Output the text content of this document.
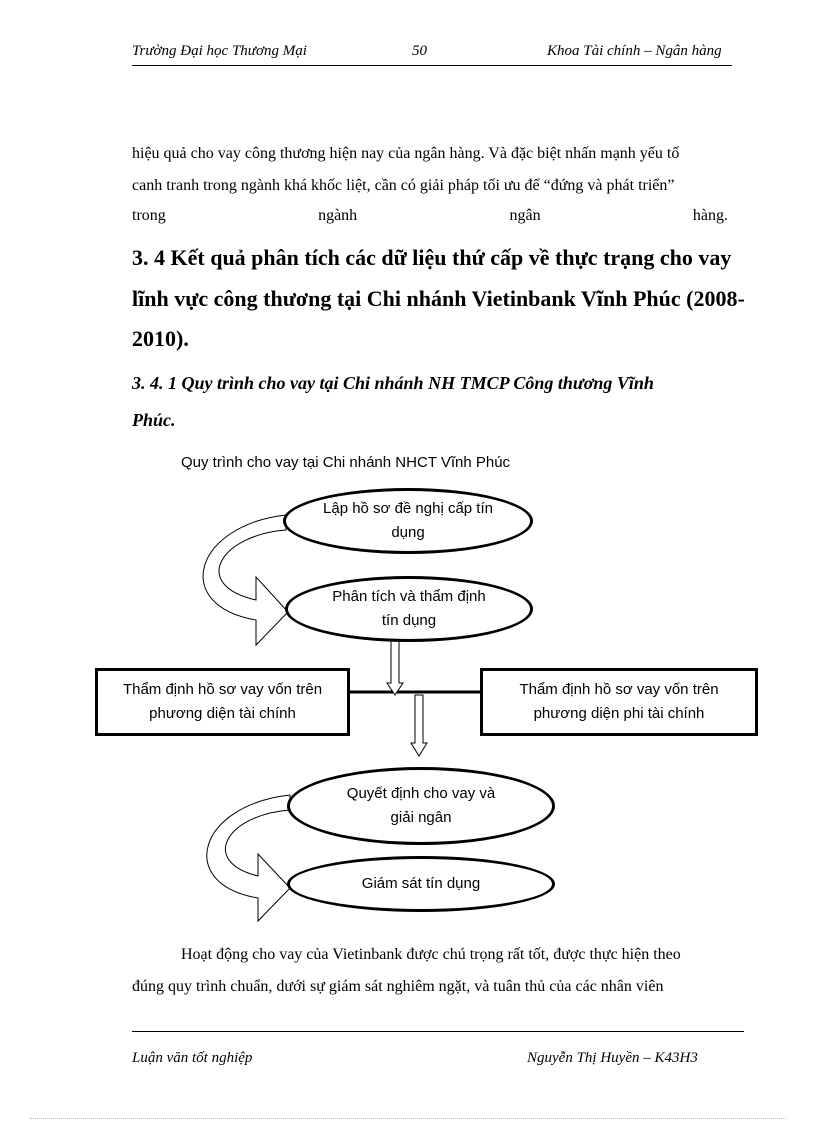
Trường Đại học Thương Mại	50	Khoa Tài chính – Ngân hàng
hiệu quả cho vay công thương hiện nay của ngân hàng. Và đặc biệt nhấn mạnh yếu tố
canh tranh trong ngành khá khốc liệt, cần có giải pháp tối ưu để “đứng và phát triển”
trong	ngành	ngân	hàng.
3. 4 Kết quả phân tích các dữ liệu thứ cấp về thực trạng cho vay
lĩnh vực công thương tại Chi nhánh Vietinbank Vĩnh Phúc (2008-
2010).
3. 4. 1 Quy trình cho vay tại Chi nhánh NH TMCP Công thương Vĩnh
Phúc.
Quy trình cho vay tại Chi nhánh NHCT Vĩnh Phúc
Lập hồ sơ đề nghị cấp tín
dụng
Phân tích và thẩm định
tín dụng
Thẩm định hồ sơ vay vốn trên
phương diện tài chính
Thẩm định hồ sơ vay vốn trên
phương diện phi tài chính
Quyết định cho vay và
giải ngân
Giám sát tín dụng
Hoạt động cho vay của Vietinbank được chú trọng rất tốt, được thực hiện theo
đúng quy trình chuẩn, dưới sự giám sát nghiêm ngặt, và tuân thủ của các nhân viên
Luận văn tốt nghiệp	Nguyễn Thị Huyền – K43H3
